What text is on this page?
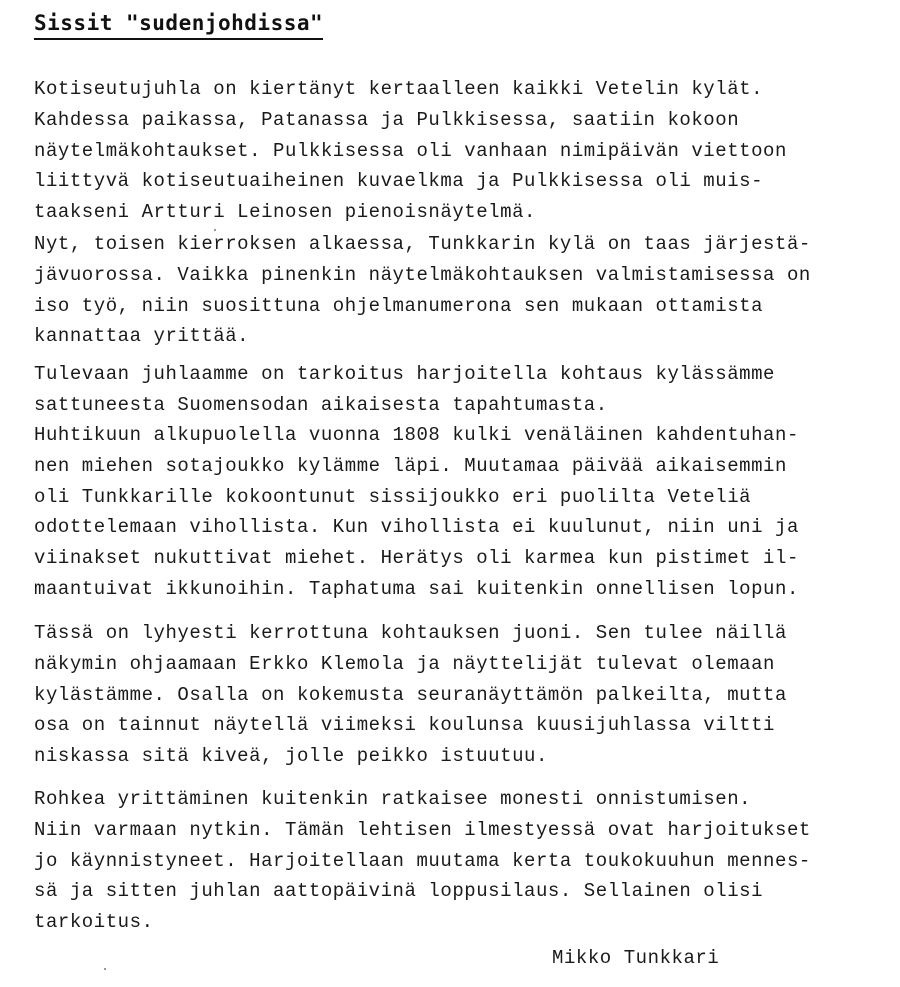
Sissit "sudenjohdissa"
Kotiseutujuhla on kiertänyt kertaalleen kaikki Vetelin kylät.
Kahdessa paikassa, Patanassa ja Pulkkisessa, saatiin kokoon
näytelmäkohtaukset. Pulkkisessa oli vanhaan nimipäivän viettoon
liittyvä kotiseutuaiheinen kuvaelkma ja Pulkkisessa oli muis-
taakseni Artturi Leinosen pienoisnäytelmä.
Nyt, toisen kierroksen alkaessa, Tunkkarin kylä on taas järjestä-
jävuorossa. Vaikka pinenkin näytelmäkohtauksen valmistamisessa on
iso työ, niin suosittuna ohjelmanumerona sen mukaan ottamista
kannattaa yrittää.
Tulevaan juhlaamme on tarkoitus harjoitella kohtaus kylässämme
sattuneesta Suomensodan aikaisesta tapahtumasta.
Huhtikuun alkupuolella vuonna 1808 kulki venäläinen kahdentuhan-
nen miehen sotajoukko kylämme läpi. Muutamaa päivää aikaisemmin
oli Tunkkarille kokoontunut sissijoukko eri puolilta Veteliä
odottelemaan vihollista. Kun vihollista ei kuulunut, niin uni ja
viinakset nukuttivat miehet. Herätys oli karmea kun pistimet il-
maantuivat ikkunoihin. Taphatuma sai kuitenkin onnellisen lopun.
Tässä on lyhyesti kerrottuna kohtauksen juoni. Sen tulee näillä
näkymin ohjaamaan Erkko Klemola ja näyttelijät tulevat olemaan
kylästämme. Osalla on kokemusta seuranäyttämön palkeilta, mutta
osa on tainnut näytellä viimeksi koulunsa kuusijuhlassa viltti
niskassa sitä kiveä, jolle peikko istuutuu.
Rohkea yrittäminen kuitenkin ratkaisee monesti onnistumisen.
Niin varmaan nytkin. Tämän lehtisen ilmestyessä ovat harjoitukset
jo käynnistyneet. Harjoitellaan muutama kerta toukokuuhun mennes-
sä ja sitten juhlan aattopäivinä loppusilaus. Sellainen olisi
tarkoitus.
Mikko Tunkkari
